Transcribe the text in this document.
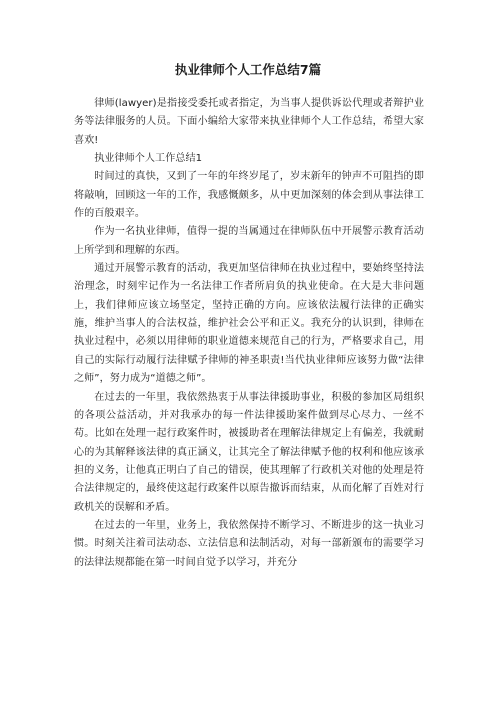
执业律师个人工作总结7篇

律师(lawyer)是指接受委托或者指定，为当事人提供诉讼代理或者辩护业务等法律服务的人员。下面小编给大家带来执业律师个人工作总结，希望大家喜欢!

执业律师个人工作总结1

时间过的真快，又到了一年的年终岁尾了，岁末新年的钟声不可阻挡的即将敲响，回顾这一年的工作，我感慨颇多，从中更加深刻的体会到从事法律工作的百般艰辛。

作为一名执业律师，值得一提的当属通过在律师队伍中开展警示教育活动上所学到和理解的东西。

通过开展警示教育的活动，我更加坚信律师在执业过程中，要始终坚持法治理念，时刻牢记作为一名法律工作者所肩负的执业使命。在大是大非问题上，我们律师应该立场坚定，坚持正确的方向。应该依法履行法律的正确实施，维护当事人的合法权益，维护社会公平和正义。我充分的认识到，律师在执业过程中，必须以用律师的职业道德来规范自己的行为，严格要求自己，用自己的实际行动履行法律赋予律师的神圣职责!当代执业律师应该努力做“法律之师”，努力成为“道德之师”。

在过去的一年里，我依然热衷于从事法律援助事业，积极的参加区局组织的各项公益活动，并对我承办的每一件法律援助案件做到尽心尽力、一丝不苟。比如在处理一起行政案件时，被援助者在理解法律规定上有偏差，我就耐心的为其解释该法律的真正涵义，让其完全了解法律赋予他的权利和他应该承担的义务，让他真正明白了自己的错误，使其理解了行政机关对他的处理是符合法律规定的，最终使这起行政案件以原告撤诉而结束，从而化解了百姓对行政机关的误解和矛盾。

在过去的一年里，业务上，我依然保持不断学习、不断进步的这一执业习惯。时刻关注着司法动态、立法信息和法制活动，对每一部新颁布的需要学习的法律法规都能在第一时间自觉予以学习，并充分
